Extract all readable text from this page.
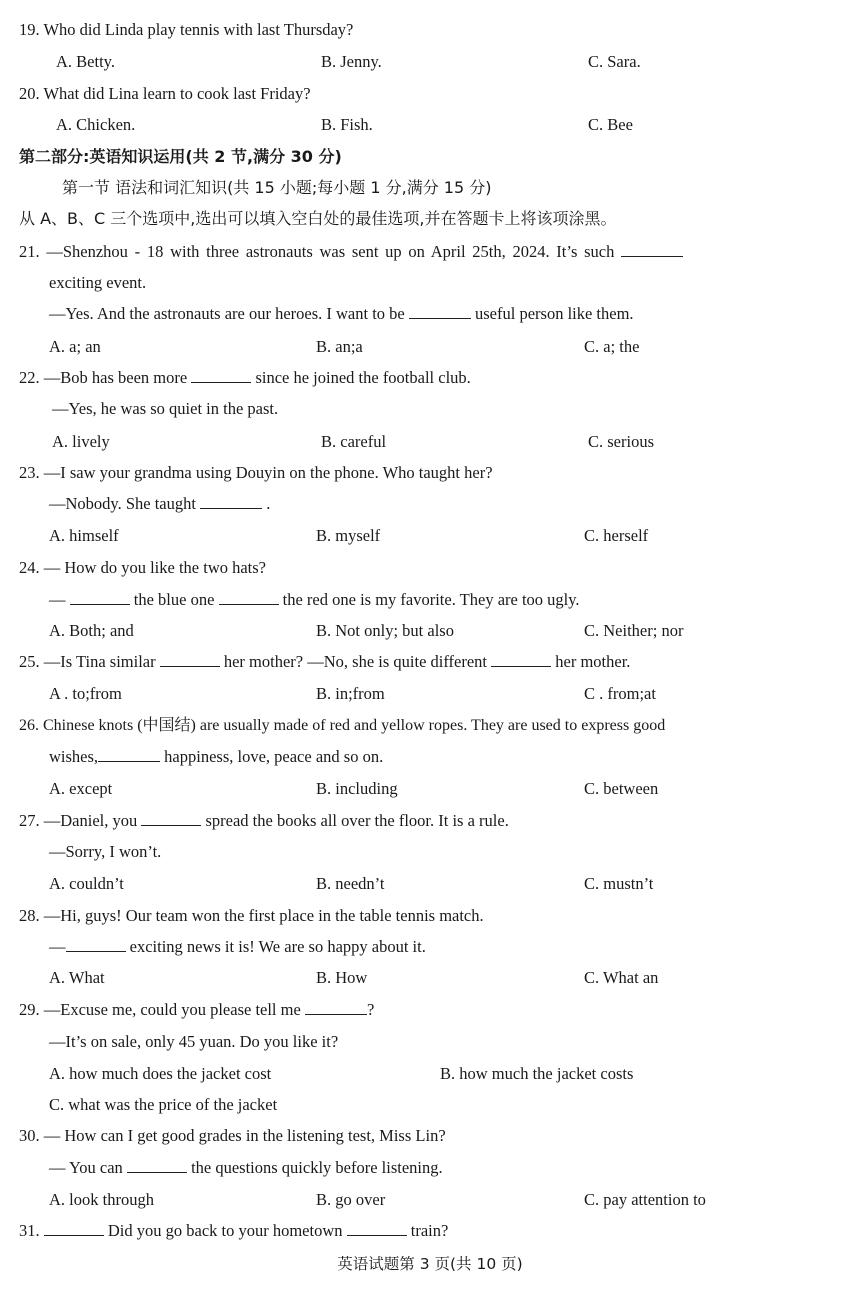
19. Who did Linda play tennis with last Thursday?
A. Betty.	B. Jenny.	C. Sara.
20. What did Lina learn to cook last Friday?
A. Chicken.	B. Fish.	C. Bee
第二部分:英语知识运用(共 2 节,满分 30 分)
第一节 语法和词汇知识(共 15 小题;每小题 1 分,满分 15 分)
从 A、B、C 三个选项中,选出可以填入空白处的最佳选项,并在答题卡上将该项涂黑。
21. —Shenzhou - 18 with three astronauts was sent up on April 25th, 2024. It’s such
exciting event.
—Yes. And the astronauts are our heroes. I want to be	useful person like them.
A. a; an	B. an;a	C. a; the
22. —Bob has been more	since he joined the football club.
—Yes, he was so quiet in the past.
A. lively	B. careful	C. serious
23. —I saw your grandma using Douyin on the phone. Who taught her?
—Nobody. She taught	.
A. himself	B. myself	C. herself
24. — How do you like the two hats?
—	the blue one	the red one is my favorite. They are too ugly.
A. Both; and	B. Not only; but also	C. Neither; nor
25. —Is Tina similar	her mother? —No, she is quite different	her mother.
A . to;from	B. in;from	C . from;at
26. Chinese knots (中国结) are usually made of red and yellow ropes. They are used to express good
wishes,	happiness, love, peace and so on.
A. except	B. including	C. between
27. —Daniel, you	spread the books all over the floor. It is a rule.
—Sorry, I won’t.
A. couldn’t	B. needn’t	C. mustn’t
28. —Hi, guys! Our team won the first place in the table tennis match.
—	exciting news it is! We are so happy about it.
A. What	B. How	C. What an
29. —Excuse me, could you please tell me	?
—It’s on sale, only 45 yuan. Do you like it?
A. how much does the jacket cost	B. how much the jacket costs
C. what was the price of the jacket
30. — How can I get good grades in the listening test, Miss Lin?
— You can	the questions quickly before listening.
A. look through	B. go over	C. pay attention to
31.	Did you go back to your hometown	train?
英语试题第 3 页(共 10 页)
